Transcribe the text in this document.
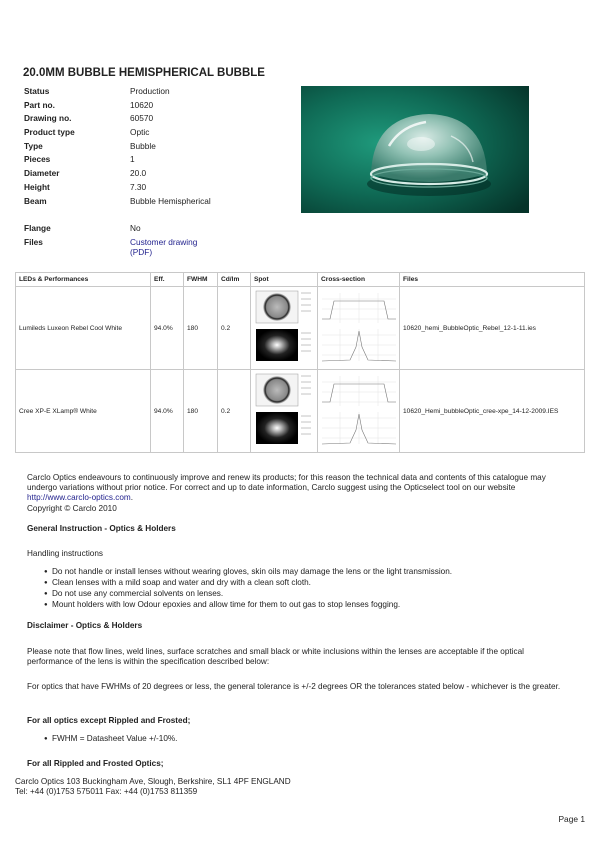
20.0MM BUBBLE HEMISPHERICAL BUBBLE
Status	Production
Part no.	10620
Drawing no.	60570
Product type	Optic
Type	Bubble
Pieces	1
Diameter	20.0
Height	7.30
Beam	Bubble Hemispherical

Flange	No
Files	Customer drawing (PDF)
LEDs & Performances	Eff.	FWHM	Cd/lm	Spot	Cross-section	Files
Lumileds Luxeon Rebel Cool White	94.0%	180	0.2			10620_hemi_BubbleOptic_Rebel_12-1-11.ies
Cree XP-E XLamp® White	94.0%	180	0.2			10620_Hemi_bubbleOptic_cree-xpe_14-12-2009.IES
Carclo Optics endeavours to continuously improve and renew its products; for this reason the technical data and contents of this catalogue may undergo variations without prior notice. For correct and up to date information, Carclo suggest using the Opticselect tool on our website
http://www.carclo-optics.com.
Copyright © Carclo 2010
General Instruction - Optics & Holders
Handling instructions
● Do not handle or install lenses without wearing gloves, skin oils may damage the lens or the light transmission.
● Clean lenses with a mild soap and water and dry with a clean soft cloth.
● Do not use any commercial solvents on lenses.
● Mount holders with low Odour epoxies and allow time for them to out gas to stop lenses fogging.
Disclaimer - Optics & Holders
Please note that flow lines, weld lines, surface scratches and small black or white inclusions within the lenses are acceptable if the optical performance of the lens is within the specification described below:
For optics that have FWHMs of 20 degrees or less, the general tolerance is +/-2 degrees OR the tolerances stated below - whichever is the greater.
For all optics except Rippled and Frosted;
● FWHM = Datasheet Value +/-10%.
For all Rippled and Frosted Optics;
Carclo Optics 103 Buckingham Ave, Slough, Berkshire, SL1 4PF ENGLAND
Tel: +44 (0)1753 575011 Fax: +44 (0)1753 811359
Page 1
